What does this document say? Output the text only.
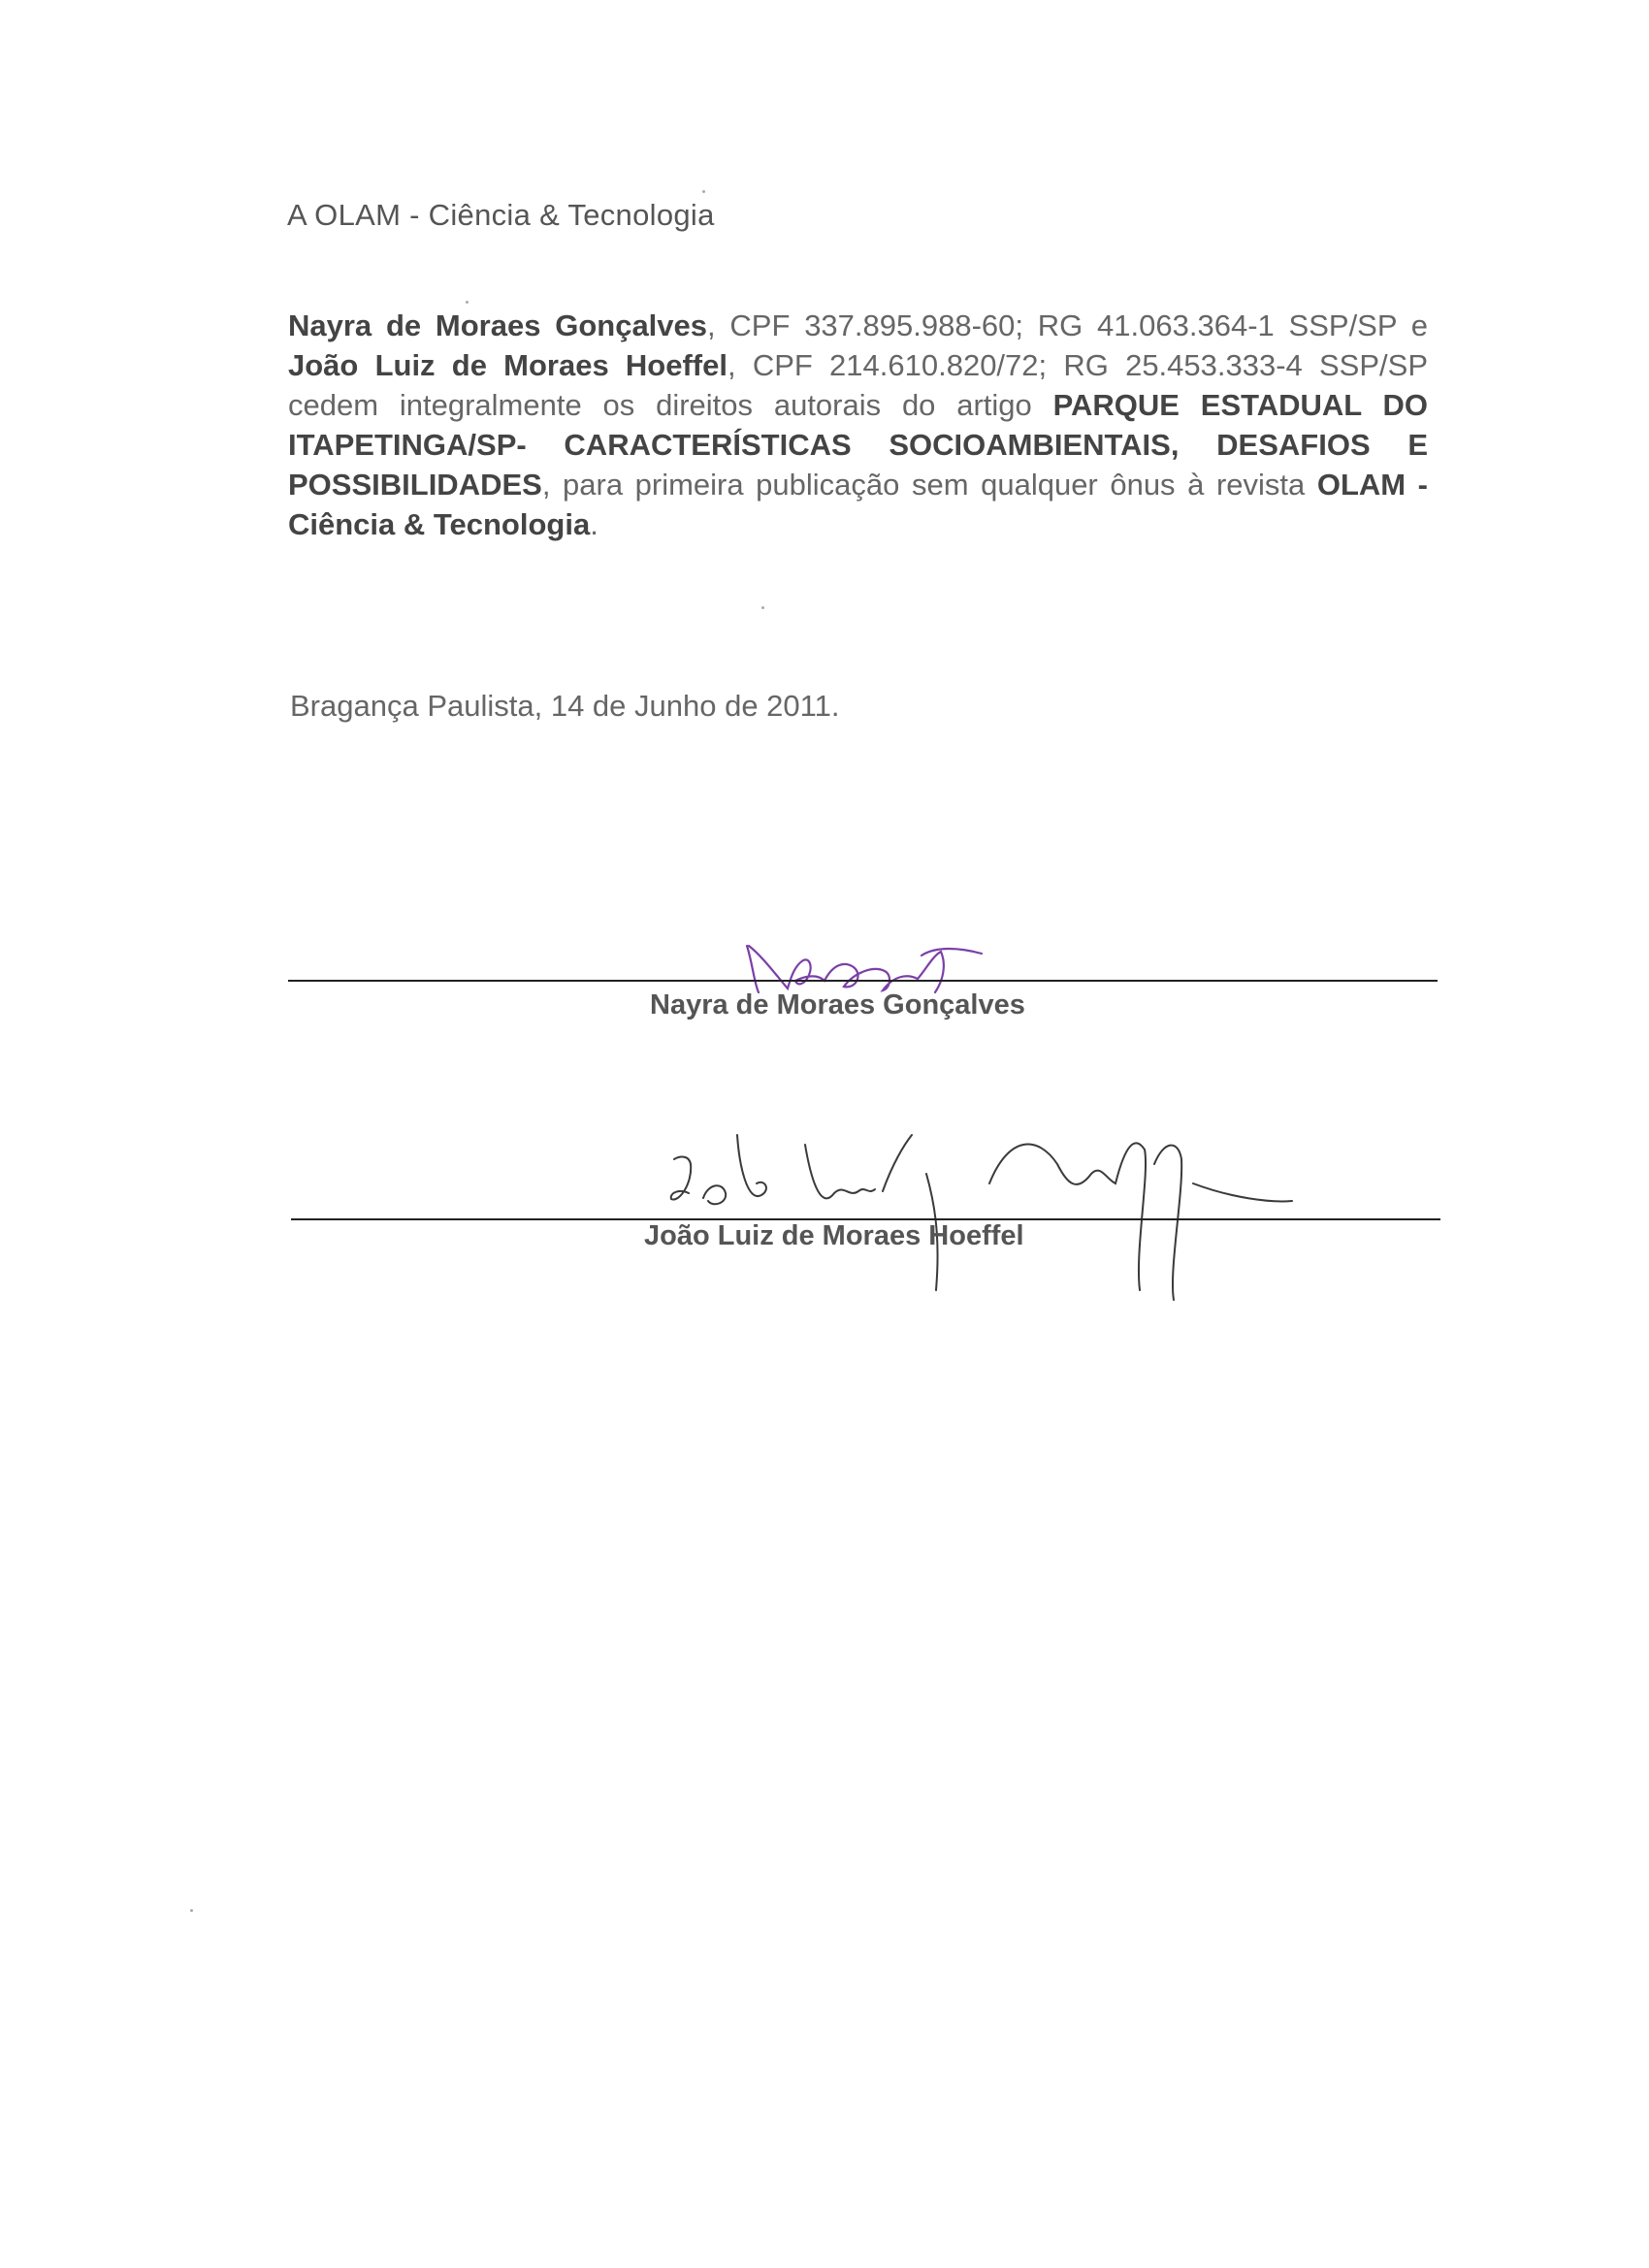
A OLAM - Ciência & Tecnologia
Nayra de Moraes Gonçalves, CPF 337.895.988-60; RG 41.063.364-1 SSP/SP e João Luiz de Moraes Hoeffel, CPF 214.610.820/72; RG 25.453.333-4 SSP/SP cedem integralmente os direitos autorais do artigo PARQUE ESTADUAL DO ITAPETINGA/SP- CARACTERÍSTICAS SOCIOAMBIENTAIS, DESAFIOS E POSSIBILIDADES, para primeira publicação sem qualquer ônus à revista OLAM - Ciência & Tecnologia.
Bragança Paulista, 14 de Junho de 2011.
Nayra de Moraes Gonçalves
João Luiz de Moraes Hoeffel
